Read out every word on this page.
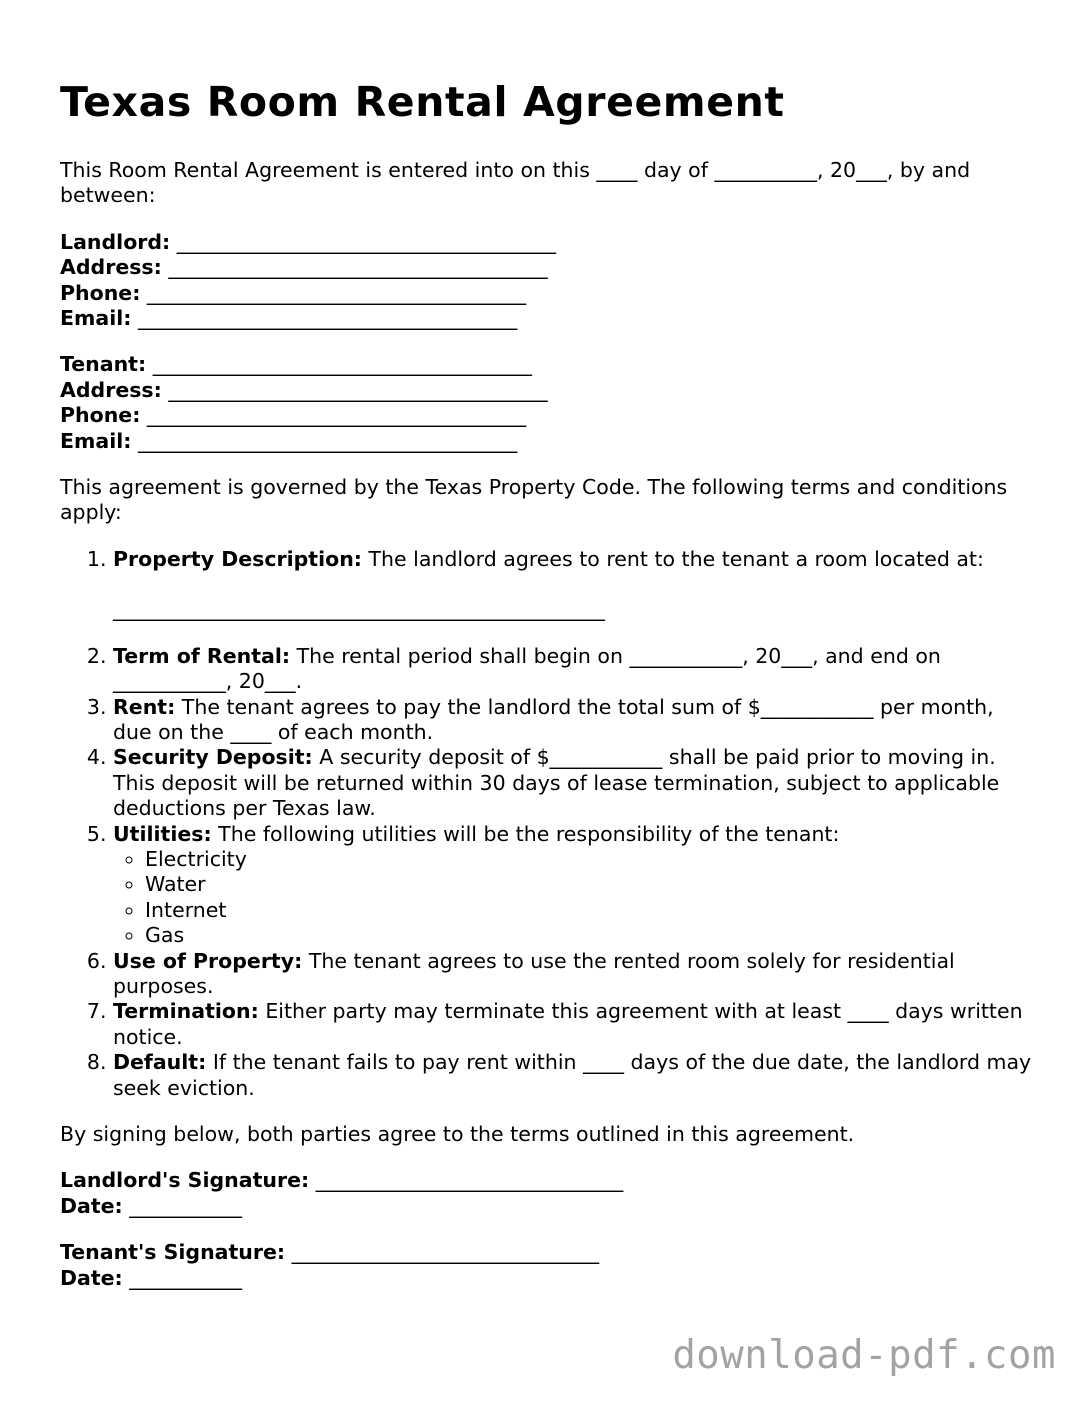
Texas Room Rental Agreement

This Room Rental Agreement is entered into on this ____ day of __________, 20___, by and between:

Landlord: _____________________________________
Address: _____________________________________
Phone: _____________________________________
Email: _____________________________________
Tenant: _____________________________________
Address: _____________________________________
Phone: _____________________________________
Email: _____________________________________

This agreement is governed by the Texas Property Code. The following terms and conditions apply:

1. Property Description: The landlord agrees to rent to the tenant a room located at:
________________________________________________
2. Term of Rental: The rental period shall begin on ___________, 20___, and end on ___________, 20___.
3. Rent: The tenant agrees to pay the landlord the total sum of $___________ per month, due on the ____ of each month.
4. Security Deposit: A security deposit of $___________ shall be paid prior to moving in. This deposit will be returned within 30 days of lease termination, subject to applicable deductions per Texas law.
5. Utilities: The following utilities will be the responsibility of the tenant:
◦ Electricity
◦ Water
◦ Internet
◦ Gas
6. Use of Property: The tenant agrees to use the rented room solely for residential purposes.
7. Termination: Either party may terminate this agreement with at least ____ days written notice.
8. Default: If the tenant fails to pay rent within ____ days of the due date, the landlord may seek eviction.

By signing below, both parties agree to the terms outlined in this agreement.

Landlord's Signature: ______________________________
Date: ___________
Tenant's Signature: ______________________________
Date: ___________
download-pdf.com
